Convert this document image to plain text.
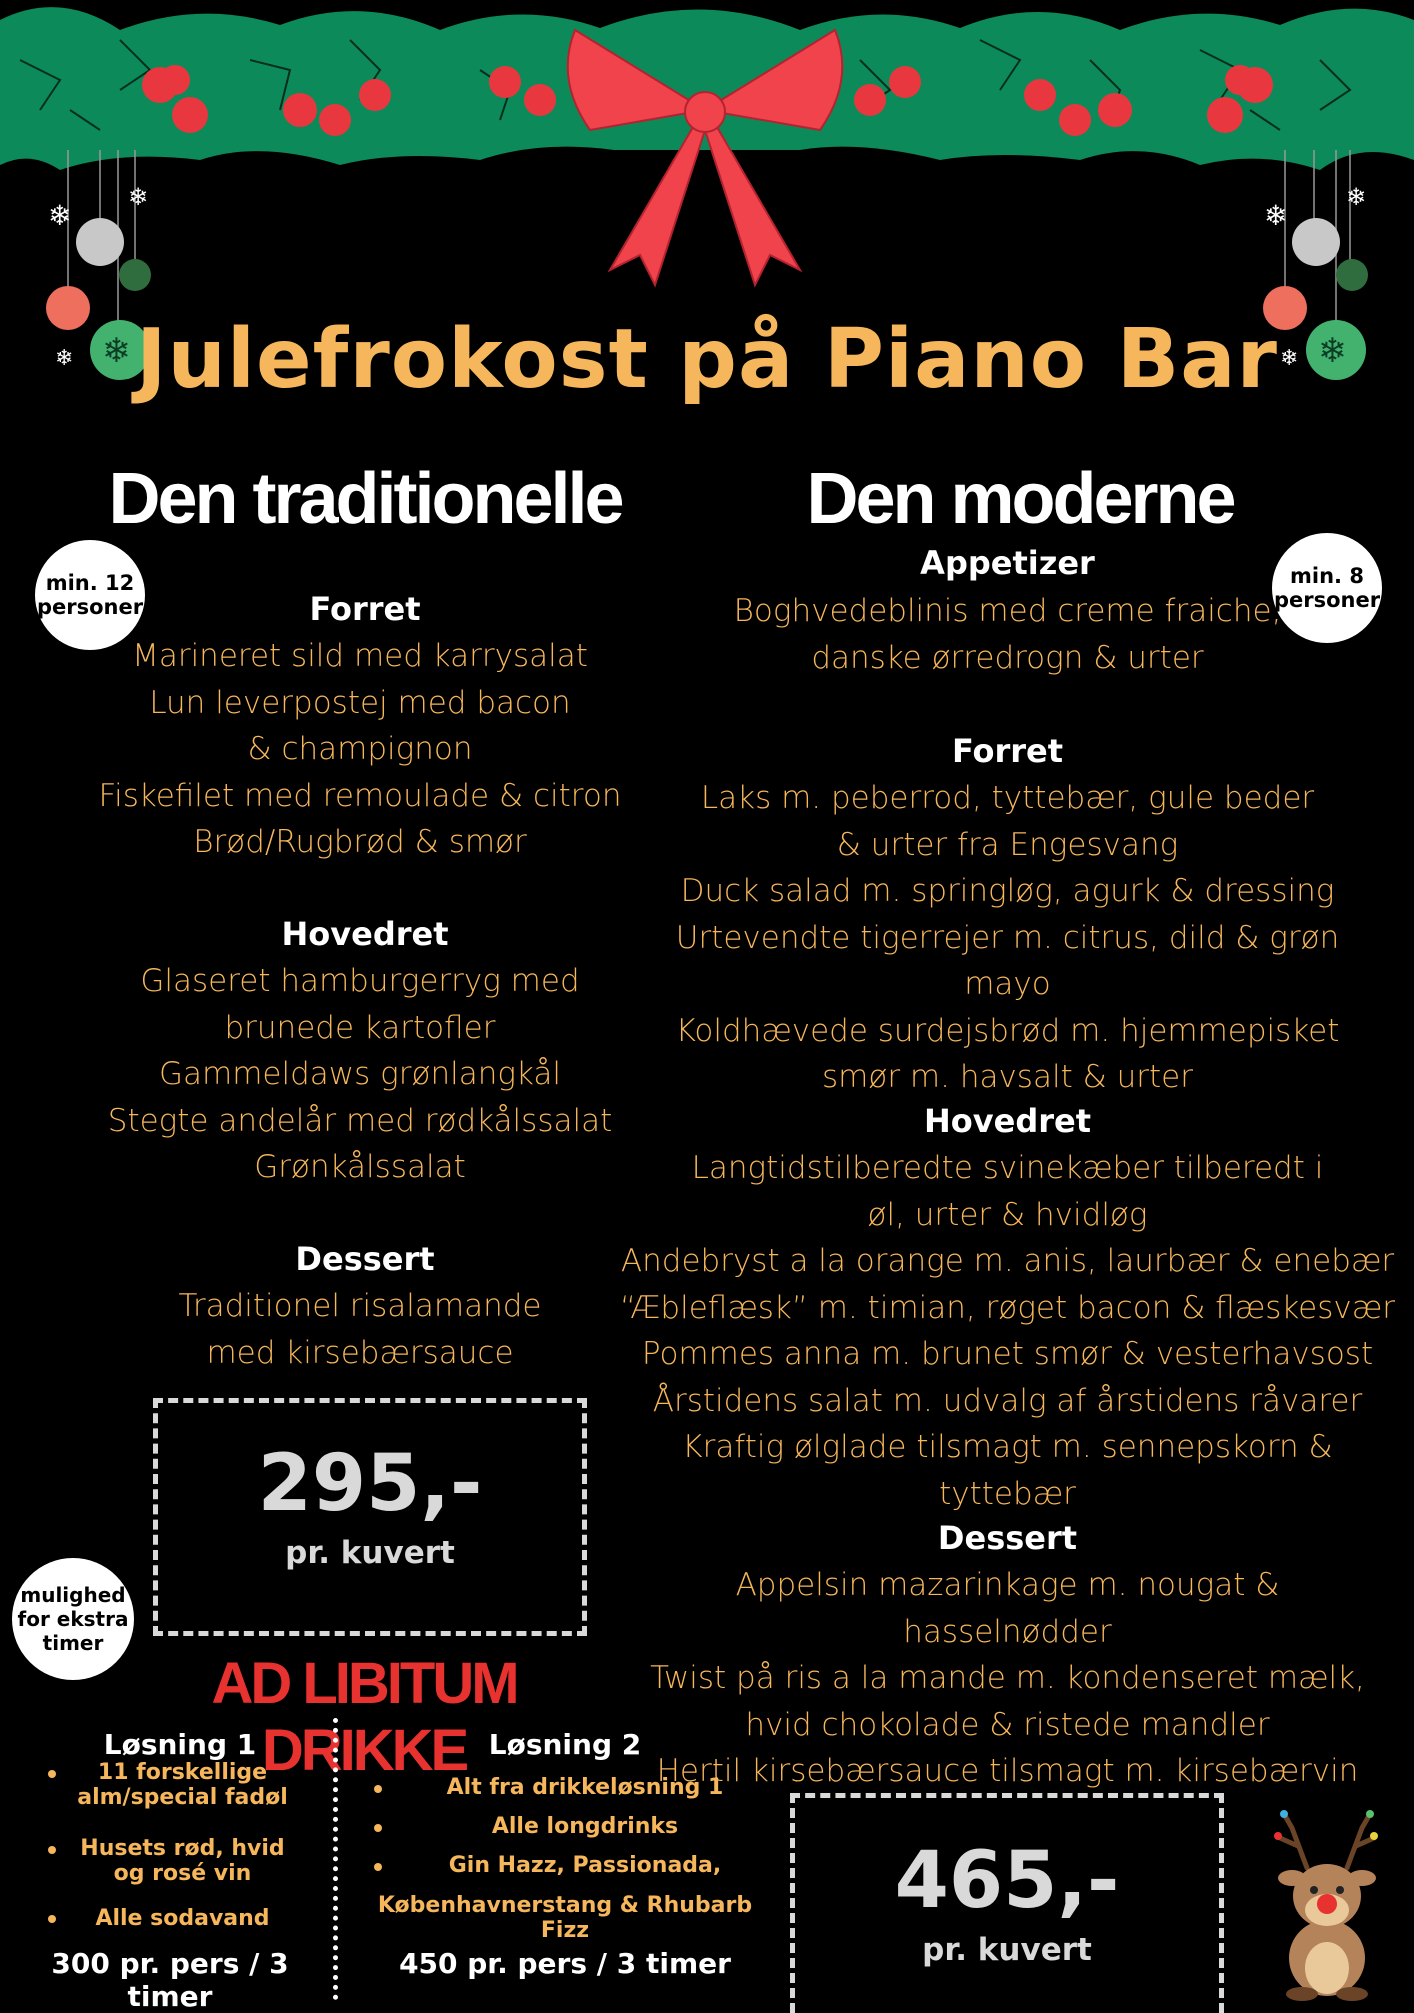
❄
❄
❄
❄
❄
❄
❄	❄
Julefrokost på Piano Bar
Den traditionelle
min. 12
personer	Forret
Marineret sild med karrysalat
Lun leverpostej med bacon
& champignon
Fiskefilet med remoulade & citron
Brød/Rugbrød & smør
Hovedret
Glaseret hamburgerryg med
brunede kartofler
Gammeldaws grønlangkål
Stegte andelår med rødkålssalat
Grønkålssalat
Dessert
Traditionel risalamande
med kirsebærsauce
295,-
pr. kuvert
mulighed
for ekstra
timer
AD LIBITUM DRIKKE
Løsning 1
11 forskellige
alm/special fadøl
Husets rød, hvid
og rosé vin
Alle sodavand
300 pr. pers / 3 timer
Løsning 2
Alt fra drikkeløsning 1
Alle longdrinks
Gin Hazz, Passionada,
Københavnerstang & Rhubarb Fizz
450 pr. pers / 3 timer
Den moderne
min. 8
personer
Appetizer
Boghvedeblinis med creme fraiche,
danske ørredrogn & urter
Forret
Laks m. peberrod, tyttebær, gule beder
& urter fra Engesvang
Duck salad m. springløg, agurk & dressing
Urtevendte tigerrejer m. citrus, dild & grøn mayo
Koldhævede surdejsbrød m. hjemmepisket
smør m. havsalt & urter
Hovedret
Langtidstilberedte svinekæber tilberedt i
øl, urter & hvidløg
Andebryst a la orange m. anis, laurbær & enebær
“Æbleflæsk” m. timian, røget bacon & flæskesvær
Pommes anna m. brunet smør & vesterhavsost
Årstidens salat m. udvalg af årstidens råvarer
Kraftig ølglade tilsmagt m. sennepskorn & tyttebær
Dessert
Appelsin mazarinkage m. nougat & hasselnødder
Twist på ris a la mande m. kondenseret mælk,
hvid chokolade & ristede mandler
Hertil kirsebærsauce tilsmagt m. kirsebærvin
465,-
pr. kuvert
